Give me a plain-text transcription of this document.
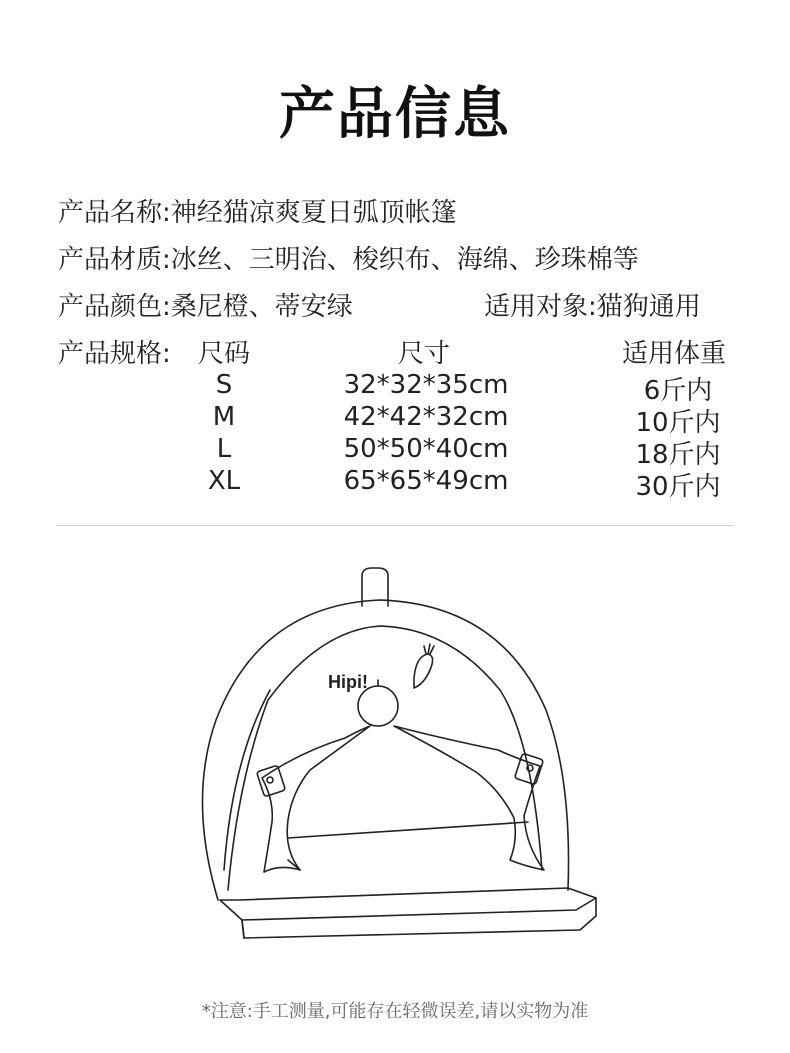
产品信息
产品名称:神经猫凉爽夏日弧顶帐篷
产品材质:冰丝、三明治、梭织布、海绵、珍珠棉等
产品颜色:桑尼橙、蒂安绿	适用对象:猫狗通用
产品规格: 尺码	尺寸	适用体重
S	32*32*35cm	6斤内
M	42*42*32cm	10斤内
L	50*50*40cm	18斤内
XL	65*65*49cm	30斤内
Hipi!
*注意:手工测量,可能存在轻微误差,请以实物为准
